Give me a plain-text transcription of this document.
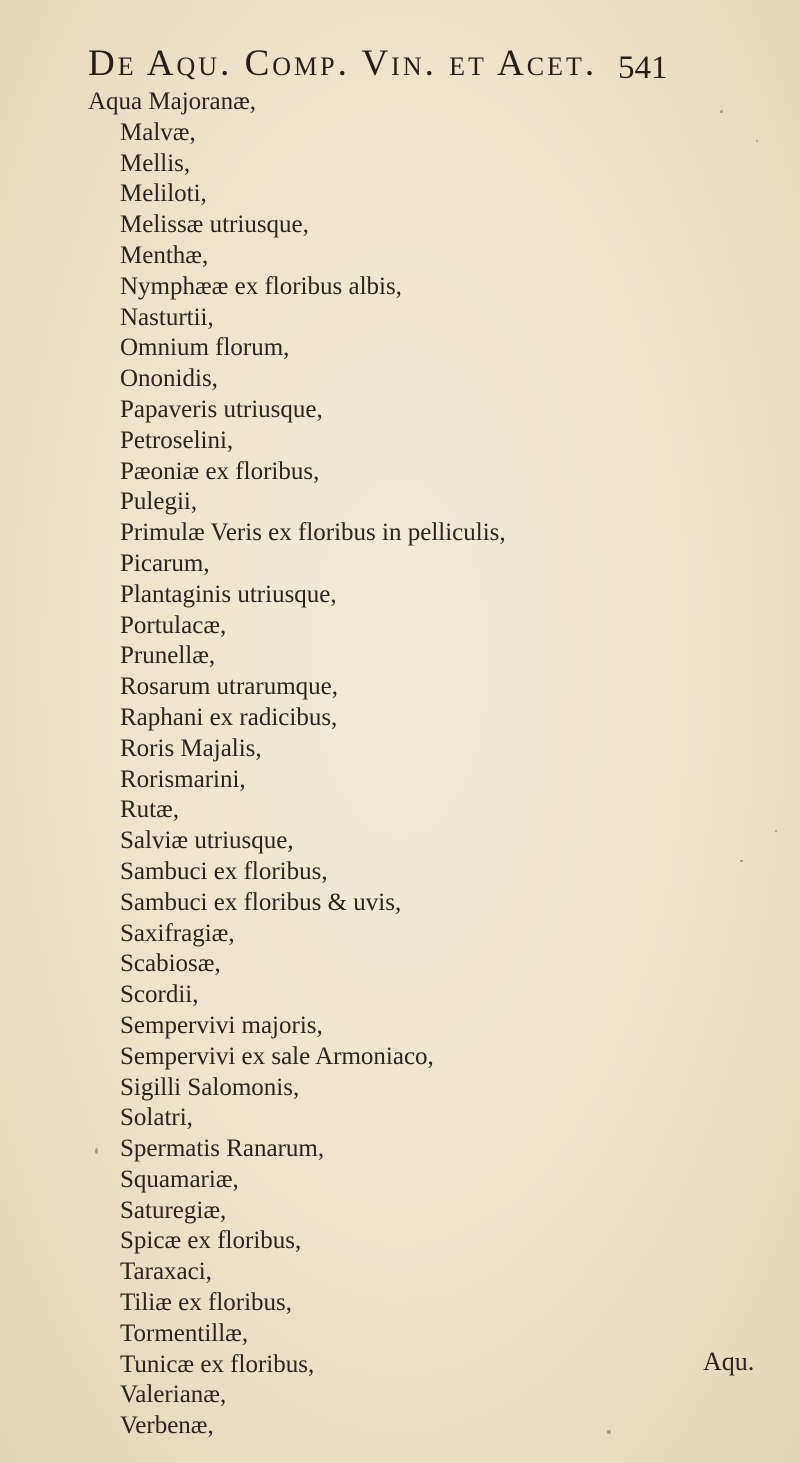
De Aqu. Comp. Vin. et Acet. 541
Aqua Majoranæ,
Malvæ,
Mellis,
Meliloti,
Melissæ utriusque,
Menthæ,
Nymphææ ex floribus albis,
Nasturtii,
Omnium florum,
Ononidis,
Papaveris utriusque,
Petroselini,
Pæoniæ ex floribus,
Pulegii,
Primulæ Veris ex floribus in pelliculis,
Picarum,
Plantaginis utriusque,
Portulacæ,
Prunellæ,
Rosarum utrarumque,
Raphani ex radicibus,
Roris Majalis,
Rorismarini,
Rutæ,
Salviæ utriusque,
Sambuci ex floribus,
Sambuci ex floribus & uvis,
Saxifragiæ,
Scabiosæ,
Scordii,
Sempervivi majoris,
Sempervivi ex sale Armoniaco,
Sigilli Salomonis,
Solatri,
Spermatis Ranarum,
Squamariæ,
Saturegiæ,
Spicæ ex floribus,
Taraxaci,
Tiliæ ex floribus,
Tormentillæ,
Tunicæ ex floribus,
Valerianæ,
Verbenæ,
Aqu.
